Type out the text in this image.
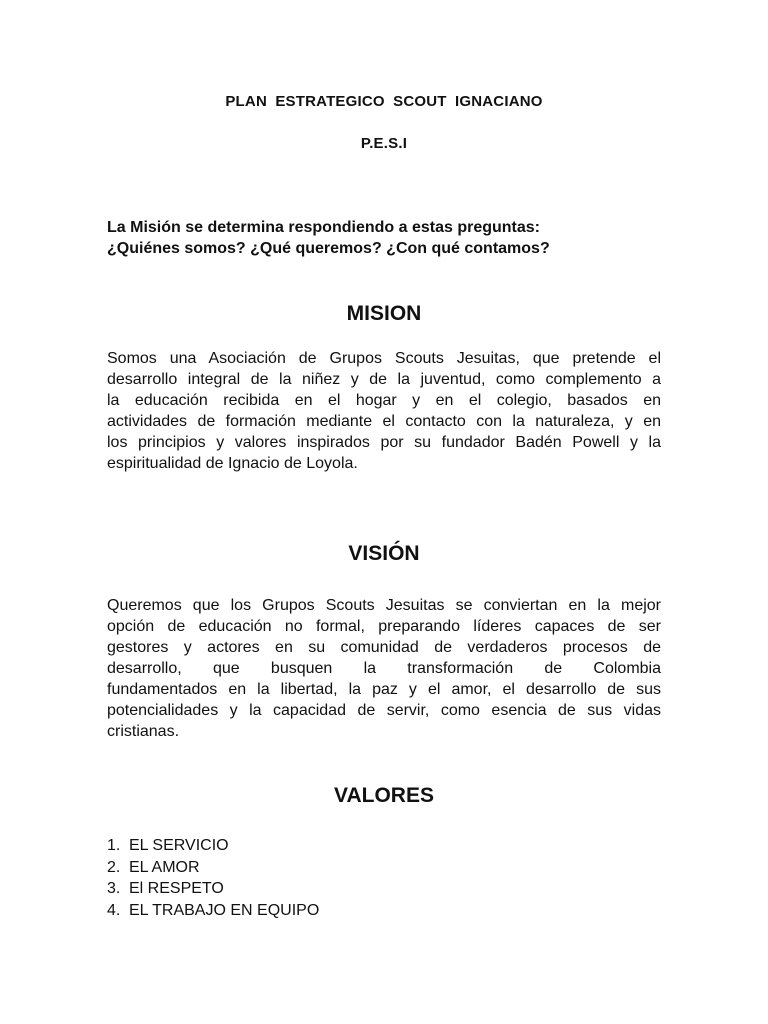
PLAN ESTRATEGICO SCOUT IGNACIANO
P.E.S.I
La Misión se determina respondiendo a estas preguntas:
¿Quiénes somos? ¿Qué queremos? ¿Con qué contamos?
MISION
Somos una Asociación de Grupos Scouts Jesuitas, que pretende el
desarrollo integral de la niñez y de la juventud, como complemento a
la educación recibida en el hogar y en el colegio, basados en
actividades de formación mediante el contacto con la naturaleza, y en
los principios y valores inspirados por su fundador Badén Powell y la
espiritualidad de Ignacio de Loyola.
VISIÓN
Queremos que los Grupos Scouts Jesuitas se conviertan en la mejor
opción de educación no formal, preparando líderes capaces de ser
gestores y actores en su comunidad de verdaderos procesos de
desarrollo, que busquen la transformación de Colombia
fundamentados en la libertad, la paz y el amor, el desarrollo de sus
potencialidades y la capacidad de servir, como esencia de sus vidas
cristianas.
VALORES
1. EL SERVICIO
2. EL AMOR
3. El RESPETO
4. EL TRABAJO EN EQUIPO
